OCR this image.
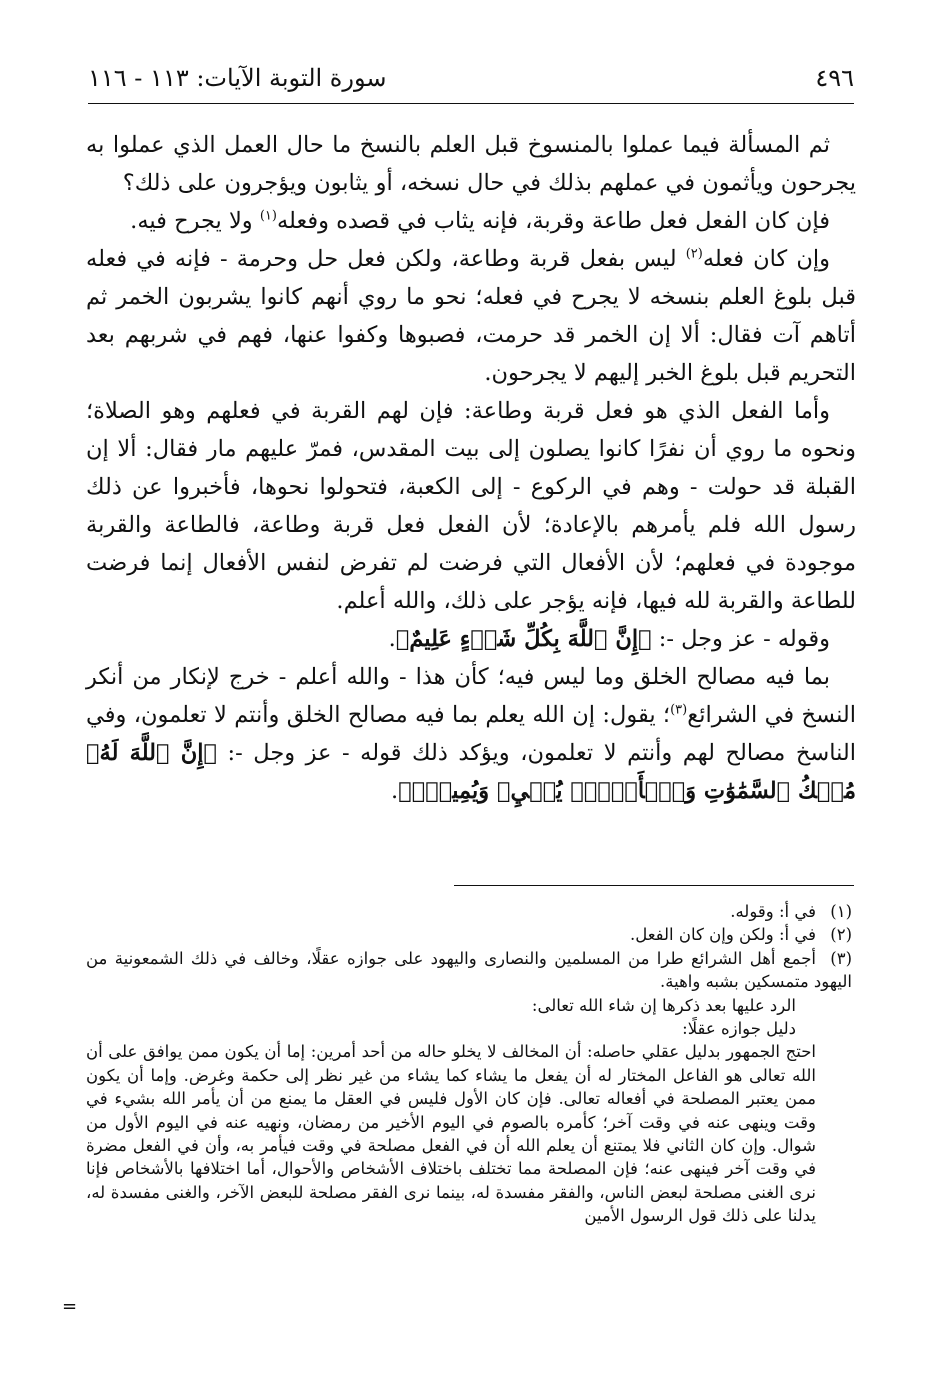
٤٩٦
سورة التوبة الآيات: ١١٣ - ١١٦

ثم المسألة فيما عملوا بالمنسوخ قبل العلم بالنسخ ما حال العمل الذي عملوا به يجرحون ويأثمون في عملهم بذلك في حال نسخه، أو يثابون ويؤجرون على ذلك؟

فإن كان الفعل فعل طاعة وقربة، فإنه يثاب في قصده وفعله$^{(١)}$ ولا يجرح فيه.

وإن كان فعله$^{(٢)}$ ليس بفعل قربة وطاعة، ولكن فعل حل وحرمة - فإنه في فعله قبل بلوغ العلم بنسخه لا يجرح في فعله؛ نحو ما روي أنهم كانوا يشربون الخمر ثم أتاهم آت فقال: ألا إن الخمر قد حرمت، فصبوها وكفوا عنها، فهم في شربهم بعد التحريم قبل بلوغ الخبر إليهم لا يجرحون.

وأما الفعل الذي هو فعل قربة وطاعة: فإن لهم القربة في فعلهم وهو الصلاة؛ ونحوه ما روي أن نفرًا كانوا يصلون إلى بيت المقدس، فمرّ عليهم مار فقال: ألا إن القبلة قد حولت - وهم في الركوع - إلى الكعبة، فتحولوا نحوها، فأخبروا عن ذلك رسول الله فلم يأمرهم بالإعادة؛ لأن الفعل فعل قربة وطاعة، فالطاعة والقربة موجودة في فعلهم؛ لأن الأفعال التي فرضت لم تفرض لنفس الأفعال إنما فرضت للطاعة والقربة لله فيها، فإنه يؤجر على ذلك، والله أعلم.

وقوله - عز وجل -: ﴿إِنَّ ٱللَّهَ بِكُلِّ شَيۡءٍ عَلِيمٌ﴾.

بما فيه مصالح الخلق وما ليس فيه؛ كأن هذا - والله أعلم - خرج لإنكار من أنكر النسخ في الشرائع$^{(٣)}$؛ يقول: إن الله يعلم بما فيه مصالح الخلق وأنتم لا تعلمون، وفي الناسخ مصالح لهم وأنتم لا تعلمون، ويؤكد ذلك قوله - عز وجل -: ﴿إِنَّ ٱللَّهَ لَهُۥ مُلۡكُ ٱلسَّمَٰوَٰتِ وَٱلۡأَرۡضِۖ يُحۡيِۦ وَيُمِيتُۚ﴾.

(١)في أ: وقوله.

(٢)في أ: ولكن وإن كان الفعل.

(٣)أجمع أهل الشرائع طرا من المسلمين والنصارى واليهود على جوازه عقلًا، وخالف في ذلك الشمعونية من اليهود متمسكين بشبه واهية.

الرد عليها بعد ذكرها إن شاء الله تعالى:

دليل جوازه عقلًا:

احتج الجمهور بدليل عقلي حاصله: أن المخالف لا يخلو حاله من أحد أمرين: إما أن يكون ممن يوافق على أن الله تعالى هو الفاعل المختار له أن يفعل ما يشاء كما يشاء من غير نظر إلى حكمة وغرض. وإما أن يكون ممن يعتبر المصلحة في أفعاله تعالى. فإن كان الأول فليس في العقل ما يمنع من أن يأمر الله بشيء في وقت وينهى عنه في وقت آخر؛ كأمره بالصوم في اليوم الأخير من رمضان، ونهيه عنه في اليوم الأول من شوال. وإن كان الثاني فلا يمتنع أن يعلم الله أن في الفعل مصلحة في وقت فيأمر به، وأن في الفعل مضرة في وقت آخر فينهى عنه؛ فإن المصلحة مما تختلف باختلاف الأشخاص والأحوال، أما اختلافها بالأشخاص فإنا نرى الغنى مصلحة لبعض الناس، والفقر مفسدة له، بينما نرى الفقر مصلحة للبعض الآخر، والغنى مفسدة له، يدلنا على ذلك قول الرسول الأمين

=
